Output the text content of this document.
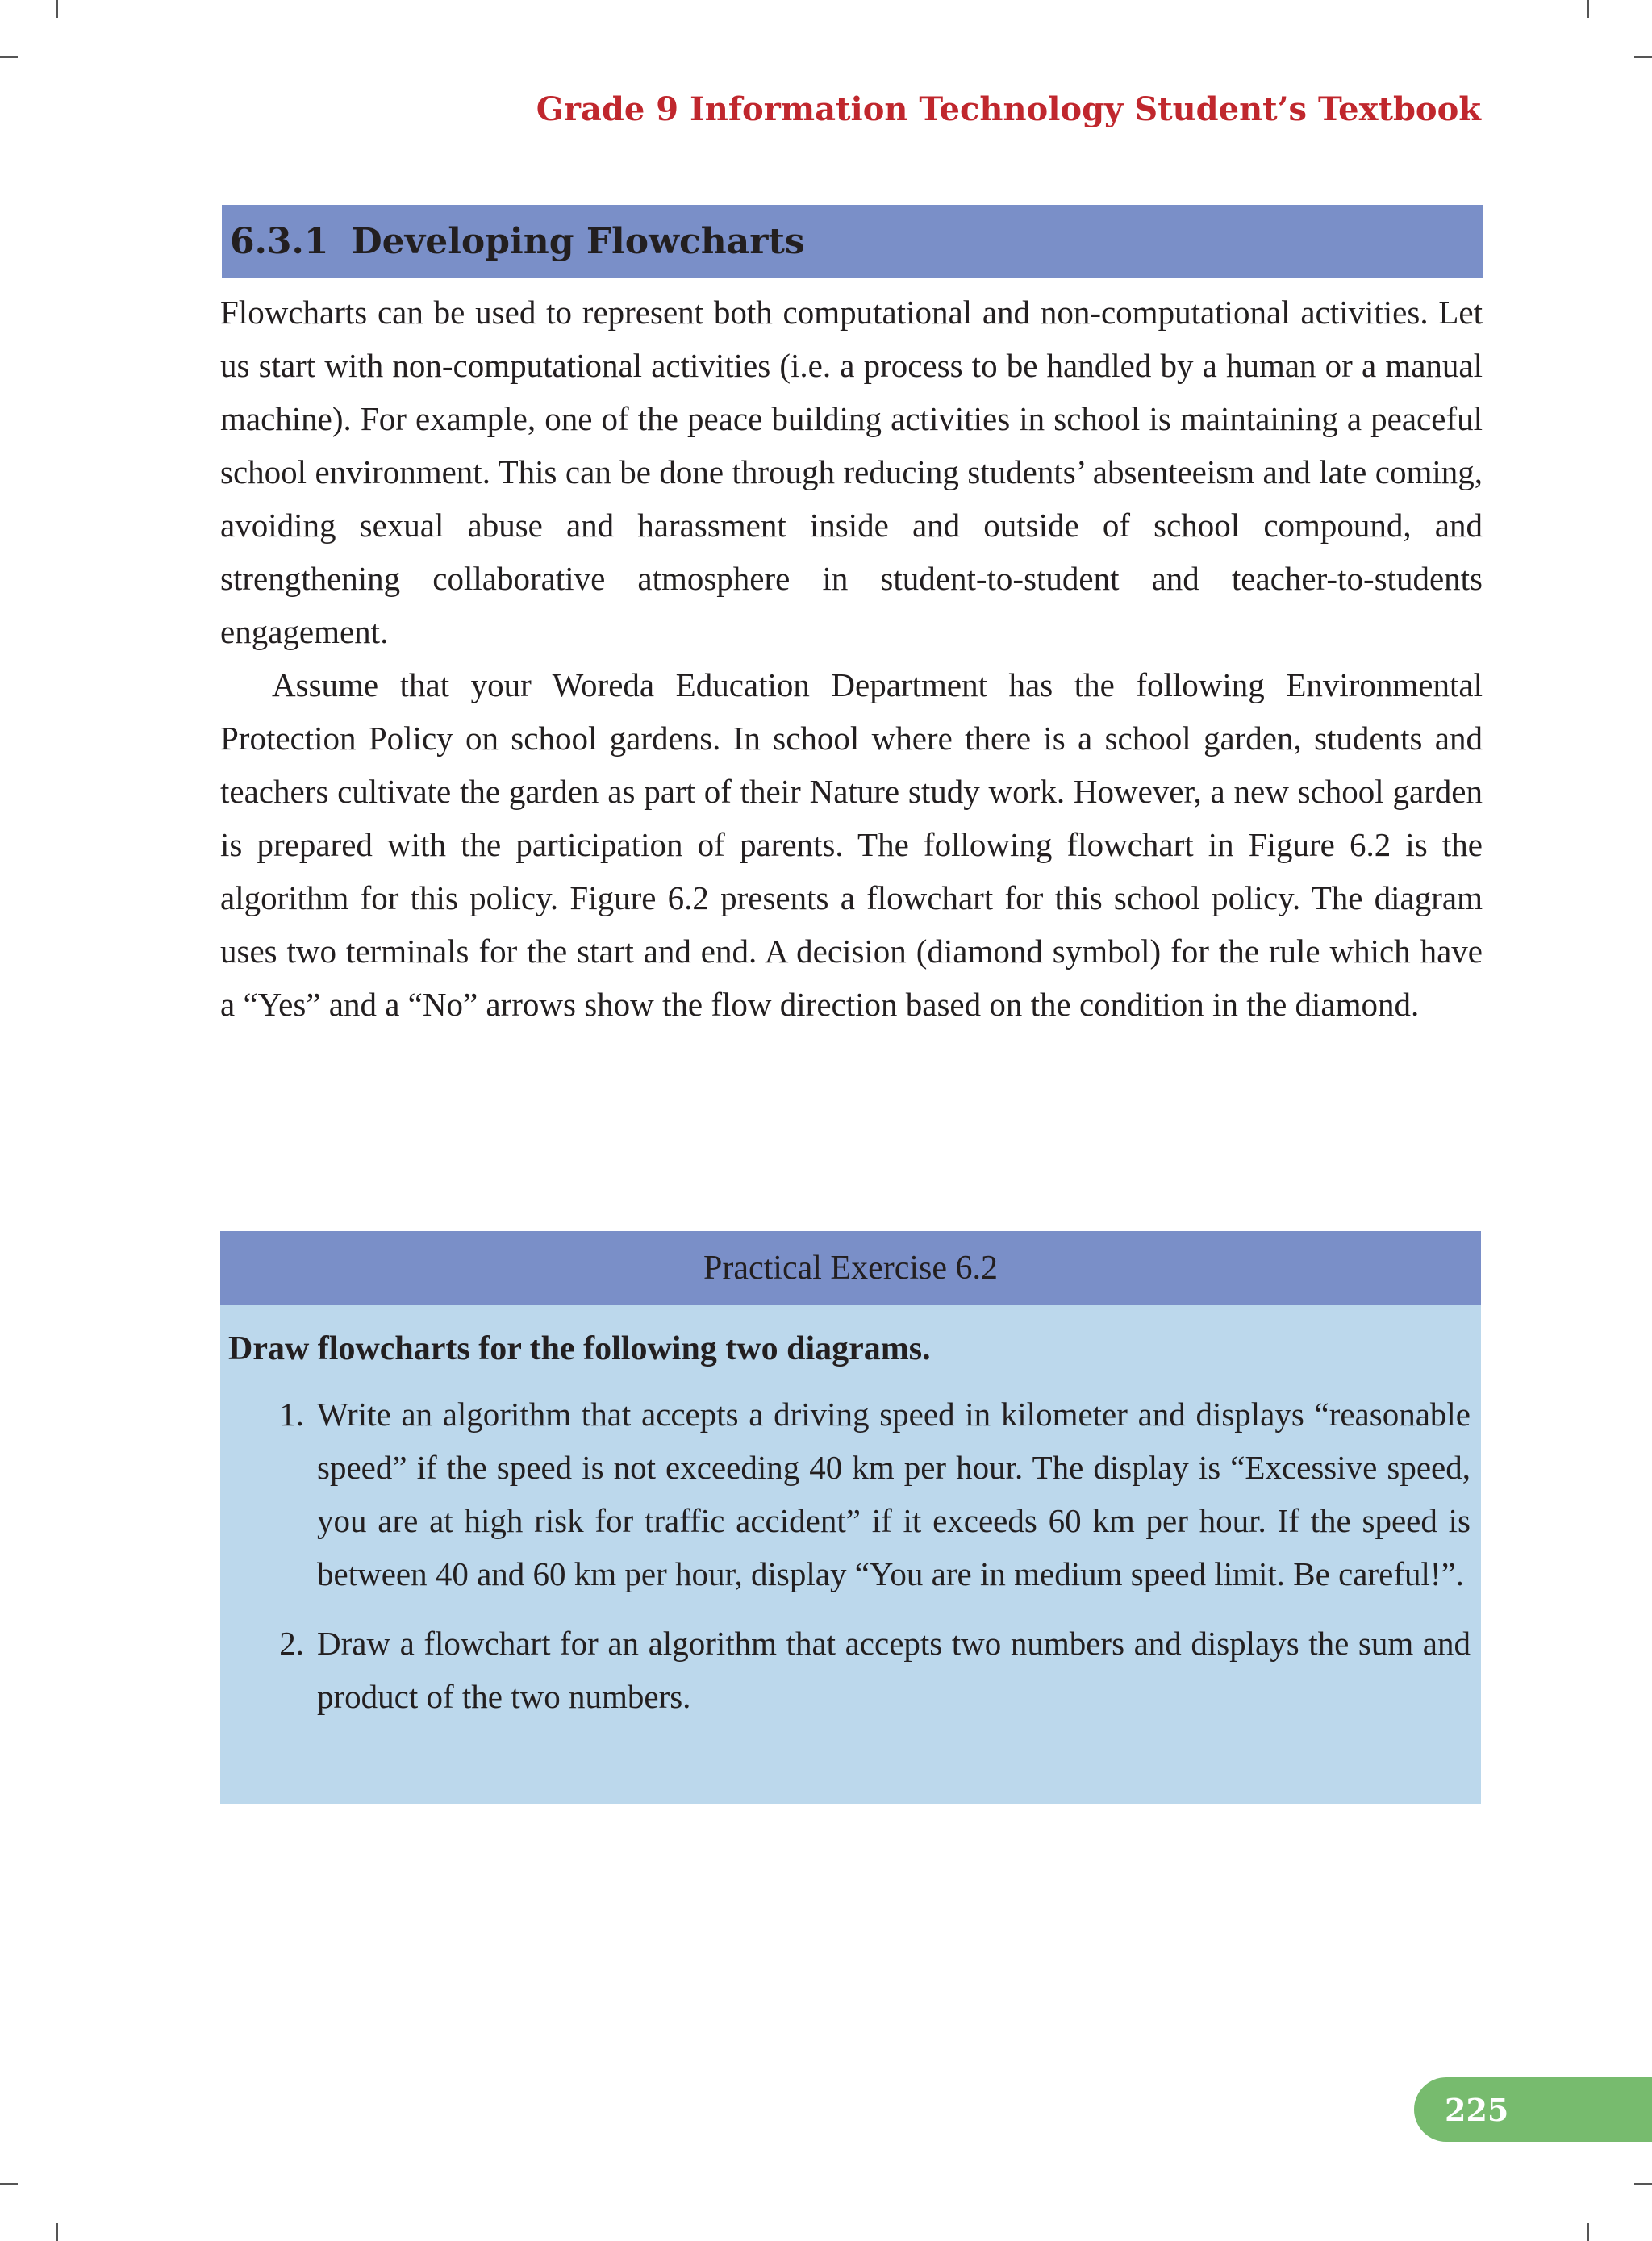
Grade 9 Information Technology Student’s Textbook
6.3.1 Developing Flowcharts

Flowcharts can be used to represent both computational and non-computational activities. Let us start with non-computational activities (i.e. a process to be handled by a human or a manual machine). For example, one of the peace building activities in school is maintaining a peaceful school environment. This can be done through reducing students’ absenteeism and late coming, avoiding sexual abuse and harassment inside and outside of school compound, and strengthening collaborative atmosphere in student-to-student and teacher-to-students engagement.

Assume that your Woreda Education Department has the following Environmental Protection Policy on school gardens. In school where there is a school garden, students and teachers cultivate the garden as part of their Nature study work. However, a new school garden is prepared with the participation of parents. The following flowchart in Figure 6.2 is the algorithm for this policy. Figure 6.2 presents a flowchart for this school policy. The diagram uses two terminals for the start and end. A decision (diamond symbol) for the rule which have a “Yes” and a “No” arrows show the flow direction based on the condition in the diamond.

Practical Exercise 6.2
Draw flowcharts for the following two diagrams.
1. Write an algorithm that accepts a driving speed in kilometer and displays “reasonable speed” if the speed is not exceeding 40 km per hour. The display is “Excessive speed, you are at high risk for traffic accident” if it exceeds 60 km per hour. If the speed is between 40 and 60 km per hour, display “You are in medium speed limit. Be careful!”.
2. Draw a flowchart for an algorithm that accepts two numbers and displays the sum and product of the two numbers.
225
